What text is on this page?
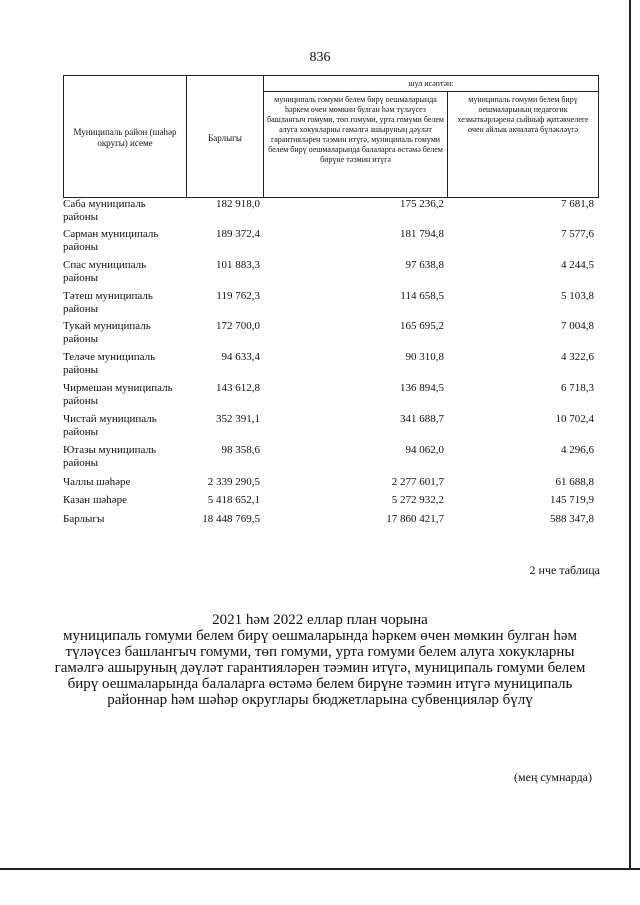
836
Муниципаль район (шәһәр округы) исеме	Барлыгы
шул исәптән:
муниципаль гомуми белем бирү оешмаларында һәркем өчен мөмкин булган һәм түләүсез башлангыч гомуми, төп гомуми, урта гомуми белем алуга хокукларны гамәлгә ашыруның дәүләт гарантияләрен тәэмин итүгә, муниципаль гомуми белем бирү оешмаларында балаларга өстәмә белем бирүне тәэмин итүгә
муниципаль гомуми белем бирү оешмаларының педагогик хезмәткәрләренә сыйныф җитәкчелеге өчен айлык акчалата бүләкләүгә
Саба муниципаль районы
182 918,0	175 236,2	7 681,8
Сарман муниципаль районы
189 372,4	181 794,8	7 577,6
Спас муниципаль районы
101 883,3	97 638,8	4 244,5
Тәтеш муниципаль районы
119 762,3	114 658,5	5 103,8
Тукай муниципаль районы
172 700,0	165 695,2	7 004,8
Теләче муниципаль районы
94 633,4	90 310,8	4 322,6
Чирмешән муниципаль районы
143 612,8	136 894,5	6 718,3
Чистай муниципаль районы
352 391,1	341 688,7	10 702,4
Ютазы муниципаль районы
98 358,6	94 062,0	4 296,6
Чаллы шәһәре	2 339 290,5	2 277 601,7	61 688,8
Казан шәһәре	5 418 652,1	5 272 932,2	145 719,9
Барлыгы	18 448 769,5	17 860 421,7	588 347,8
2 нче таблица
2021 һәм 2022 еллар план чорына
муниципаль гомуми белем бирү оешмаларында һәркем өчен мөмкин булган һәм
түләүсез башлангыч гомуми, төп гомуми, урта гомуми белем алуга хокукларны
гамәлгә ашыруның дәүләт гарантияләрен тәэмин итүгә, муниципаль гомуми белем
бирү оешмаларында балаларга өстәмә белем бирүне тәэмин итүгә муниципаль
районнар һәм шәһәр округлары бюджетларына субвенцияләр бүлү
(мең сумнарда)
